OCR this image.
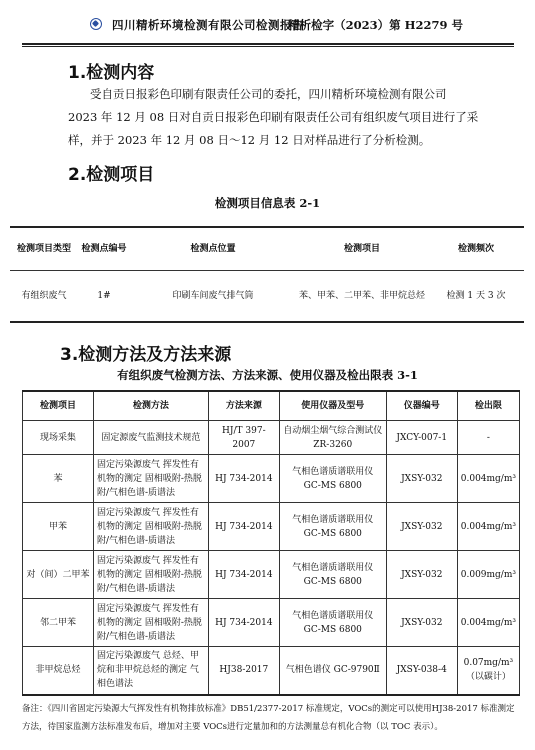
四川精析环境检测有限公司检测报告
精析检字（2023）第 H2279 号
1.检测内容

受自贡日报彩色印刷有限责任公司的委托，四川精析环境检测有限公司

2023 年 12 月 08 日对自贡日报彩色印刷有限责任公司有组织废气项目进行了采

样，并于 2023 年 12 月 08 日～12 月 12 日对样品进行了分析检测。

2.检测项目
检测项目信息表 2-1
检测项目类型	检测点编号	检测点位置	检测项目	检测频次
有组织废气	1#	印刷车间废气排气筒	苯、甲苯、二甲苯、非甲烷总烃	检测 1 天 3 次
3.检测方法及方法来源
有组织废气检测方法、方法来源、使用仪器及检出限表 3-1
检测项目	检测方法	方法来源	使用仪器及型号	仪器编号	检出限
现场采集	固定源废气监测技术规范	HJ/T 397-2007	自动烟尘烟气综合测试仪 ZR-3260	JXCY-007-1	-
苯	固定污染源废气 挥发性有机物的测定 固相吸附-热脱附/气相色谱-质谱法	HJ 734-2014	气相色谱质谱联用仪 GC-MS 6800	JXSY-032	0.004mg/m³
甲苯	固定污染源废气 挥发性有机物的测定 固相吸附-热脱附/气相色谱-质谱法	HJ 734-2014	气相色谱质谱联用仪 GC-MS 6800	JXSY-032	0.004mg/m³
对（间）二甲苯	固定污染源废气 挥发性有机物的测定 固相吸附-热脱附/气相色谱-质谱法	HJ 734-2014	气相色谱质谱联用仪 GC-MS 6800	JXSY-032	0.009mg/m³
邻二甲苯	固定污染源废气 挥发性有机物的测定 固相吸附-热脱附/气相色谱-质谱法	HJ 734-2014	气相色谱质谱联用仪 GC-MS 6800	JXSY-032	0.004mg/m³
非甲烷总烃	固定污染源废气 总烃、甲烷和非甲烷总烃的测定 气相色谱法	HJ38-2017	气相色谱仪 GC-9790Ⅱ	JXSY-038-4	0.07mg/m³（以碳计）
备注：《四川省固定污染源大气挥发性有机物排放标准》DB51/2377-2017 标准规定，VOCs的测定可以使用HJ38-2017 标准测定方法，待国家监测方法标准发布后，增加对主要 VOCs进行定量加和的方法测量总有机化合物（以 TOC 表示）。
